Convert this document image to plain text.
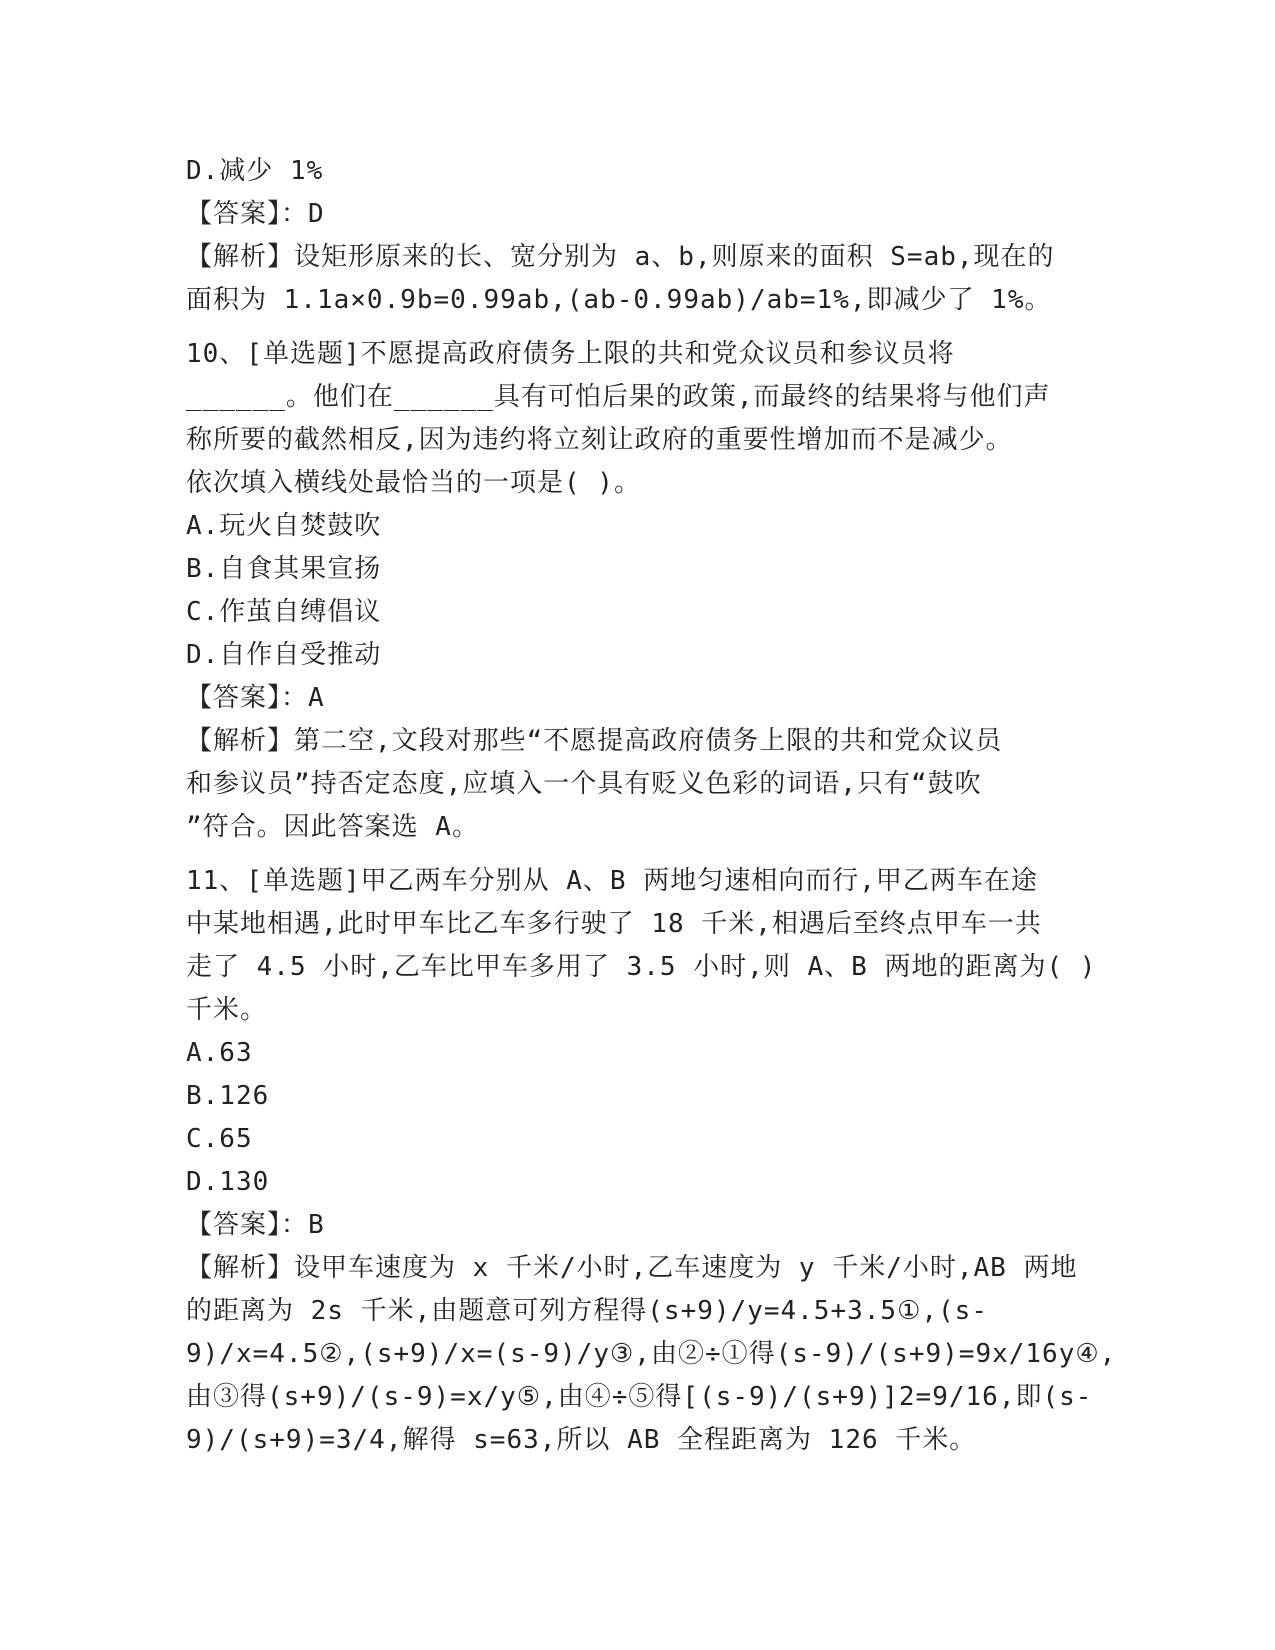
D.减少 1%
【答案】：D
【解析】设矩形原来的长、宽分别为 a、b,则原来的面积 S=ab,现在的
面积为 1.1a×0.9b=0.99ab,(ab-0.99ab)/ab=1%,即减少了 1%。
10、[单选题]不愿提高政府债务上限的共和党众议员和参议员将
______。他们在______具有可怕后果的政策,而最终的结果将与他们声
称所要的截然相反,因为违约将立刻让政府的重要性增加而不是减少。
依次填入横线处最恰当的一项是( )。
A.玩火自焚鼓吹
B.自食其果宣扬
C.作茧自缚倡议
D.自作自受推动
【答案】：A
【解析】第二空,文段对那些“不愿提高政府债务上限的共和党众议员
和参议员”持否定态度,应填入一个具有贬义色彩的词语,只有“鼓吹
”符合。因此答案选 A。
11、[单选题]甲乙两车分别从 A、B 两地匀速相向而行,甲乙两车在途
中某地相遇,此时甲车比乙车多行驶了 18 千米,相遇后至终点甲车一共
走了 4.5 小时,乙车比甲车多用了 3.5 小时,则 A、B 两地的距离为( )
千米。
A.63
B.126
C.65
D.130
【答案】：B
【解析】设甲车速度为 x 千米/小时,乙车速度为 y 千米/小时,AB 两地
的距离为 2s 千米,由题意可列方程得(s+9)/y=4.5+3.5①,(s-
9)/x=4.5②,(s+9)/x=(s-9)/y③,由②÷①得(s-9)/(s+9)=9x/16y④,
由③得(s+9)/(s-9)=x/y⑤,由④÷⑤得[(s-9)/(s+9)]2=9/16,即(s-
9)/(s+9)=3/4,解得 s=63,所以 AB 全程距离为 126 千米。
